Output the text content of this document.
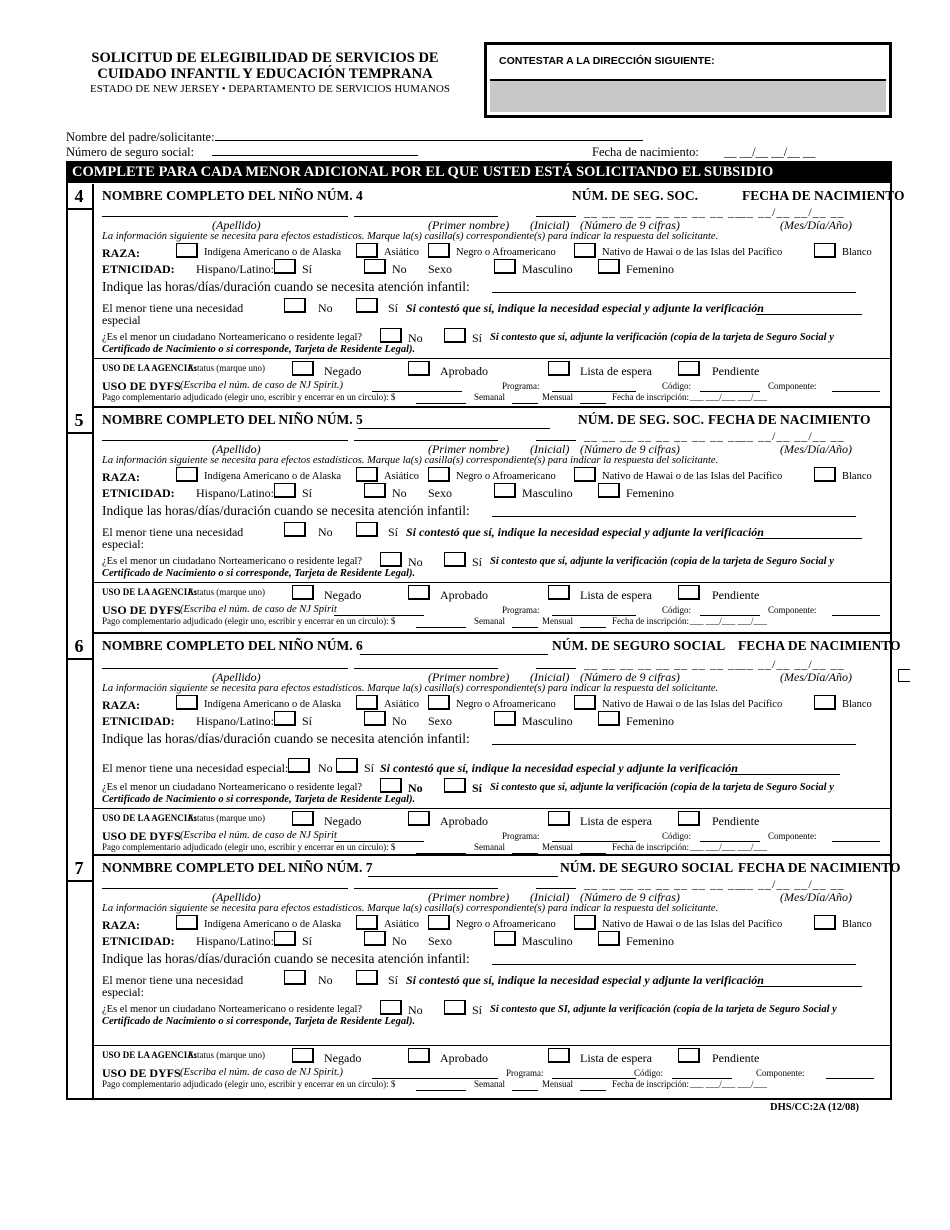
SOLICITUD DE ELEGIBILIDAD DE SERVICIOS DE
CUIDADO INFANTIL Y EDUCACIÓN TEMPRANA
ESTADO DE NEW JERSEY • DEPARTAMENTO DE SERVICIOS HUMANOS
CONTESTAR A LA DIRECCIÓN SIGUIENTE:
Nombre del padre/solicitante:
Número de seguro social:	Fecha de nacimiento: __ __/__ __/__ __
COMPLETE PARA CADA MENOR ADICIONAL POR EL QUE USTED ESTÁ SOLICITANDO EL SUBSIDIO
4	NOMBRE COMPLETO DEL NIÑO NÚM. 4	NÚM. DE SEG. SOC.	FECHA DE NACIMIENTO
__ __ __ __ __ __ __ __ __
__ __/__ __/__ __
(Apellido)	(Primer nombre) (Inicial) (Número de 9 cifras)	(Mes/Día/Año)
La información siguiente se necesita para efectos estadísticos. Marque la(s) casilla(s) correspondiente(s) para indicar la respuesta del solicitante.
RAZA:	Indígena Americano o de Alaska	Asiático	Negro o Afroamericano	Nativo de Hawai o de las Islas del Pacífico	Blanco
ETNICIDAD: Hispano/Latino: Sí	No Sexo	Masculino	Femenino
Indique las horas/días/duración cuando se necesita atención infantil:
El menor tiene una necesidad
especial
No	Sí Si contestó que sí, indique la necesidad especial y adjunte la verificación
¿Es el menor un ciudadano Norteamericano o residente legal?	No	Sí Si contesto que sí, adjunte la verificación (copia de la tarjeta de Seguro Social y
Certificado de Nacimiento o si corresponde, Tarjeta de Residente Legal).
USO DE LA AGENCIA:
Estatus (marque uno)	Negado	Aprobado	Lista de espera	Pendiente
USO DE DYFS (Escriba el núm. de caso de NJ Spirit.)	Programa:	Código:	Componente:
Pago complementario adjudicado (elegir uno, escribir y encerrar en un círculo): $	Semanal	Mensual	Fecha de inscripción: ___ ___/___ ___/___
5	NOMBRE COMPLETO DEL NIÑO NÚM. 5	NÚM. DE SEG. SOC. FECHA DE NACIMIENTO
__ __ __ __ __ __ __ __ __
__ __/__ __/__ __
(Apellido)	(Primer nombre) (Inicial) (Número de 9 cifras)	(Mes/Día/Año)
La información siguiente se necesita para efectos estadísticos. Marque la(s) casilla(s) correspondiente(s) para indicar la respuesta del solicitante.
RAZA:	Indígena Americano o de Alaska	Asiático	Negro o Afroamericano	Nativo de Hawai o de las Islas del Pacífico	Blanco
ETNICIDAD: Hispano/Latino: Sí	No Sexo	Masculino	Femenino
Indique las horas/días/duración cuando se necesita atención infantil:
El menor tiene una necesidad
especial:
No	Sí Si contestó que sí, indique la necesidad especial y adjunte la verificación
¿Es el menor un ciudadano Norteamericano o residente legal?	No	Sí Si contesto que sí, adjunte la verificación (copia de la tarjeta de Seguro Social y
Certificado de Nacimiento o si corresponde, Tarjeta de Residente Legal).
USO DE LA AGENCIA:
Estatus (marque uno)	Negado	Aprobado	Lista de espera	Pendiente
USO DE DYFS (Escriba el núm. de caso de NJ Spirit	Programa:	Código:	Componente:
Pago complementario adjudicado (elegir uno, escribir y encerrar en un círculo): $	Semanal	Mensual	Fecha de inscripción: ___ ___/___ ___/___
6	NOMBRE COMPLETO DEL NIÑO NÚM. 6	NÚM. DE SEGURO SOCIAL FECHA DE NACIMIENTO
__ __ __ __ __ __ __ __ __
__ __/__ __/__ __
(Apellido)	(Primer nombre) (Inicial) (Número de 9 cifras)	(Mes/Día/Año)
La información siguiente se necesita para efectos estadísticos. Marque la(s) casilla(s) correspondiente(s) para indicar la respuesta del solicitante.
RAZA:	Indígena Americano o de Alaska	Asiático	Negro o Afroamericano	Nativo de Hawai o de las Islas del Pacífico	Blanco
ETNICIDAD: Hispano/Latino: Sí	No Sexo	Masculino	Femenino
Indique las horas/días/duración cuando se necesita atención infantil:
El menor tiene una necesidad especial: No	Sí Si contestó que sí, indique la necesidad especial y adjunte la verificación
¿Es el menor un ciudadano Norteamericano o residente legal?	No	Sí Si contesto que sí, adjunte la verificación (copia de la tarjeta de Seguro Social y
Certificado de Nacimiento o si corresponde, Tarjeta de Residente Legal).
USO DE LA AGENCIA:
Estatus (marque uno)	Negado	Aprobado	Lista de espera	Pendiente
USO DE DYFS (Escriba el núm. de caso de NJ Spirit	Programa:	Código:	Componente:
Pago complementario adjudicado (elegir uno, escribir y encerrar en un círculo): $	Semanal	Mensual	Fecha de inscripción: ___ ___/___ ___/___
7	NONMBRE COMPLETO DEL NIÑO NÚM. 7	NÚM. DE SEGURO SOCIAL FECHA DE NACIMIENTO
__ __ __ __ __ __ __ __ __
__ __/__ __/__ __
(Apellido)	(Primer nombre) (Inicial) (Número de 9 cifras)	(Mes/Día/Año)
La información siguiente se necesita para efectos estadísticos. Marque la(s) casilla(s) correspondiente(s) para indicar la respuesta del solicitante.
RAZA:	Indígena Americano o de Alaska	Asiático	Negro o Afroamericano	Nativo de Hawai o de las Islas del Pacífico	Blanco
ETNICIDAD: Hispano/Latino: Sí	No Sexo	Masculino	Femenino
Indique las horas/días/duración cuando se necesita atención infantil:
El menor tiene una necesidad
especial:
No	Sí Si contestó que sí, indique la necesidad especial y adjunte la verificación
¿Es el menor un ciudadano Norteamericano o residente legal?	No	Sí Si contesto que SI, adjunte la verificación (copia de la tarjeta de Seguro Social y
Certificado de Nacimiento o si corresponde, Tarjeta de Residente Legal).
USO DE LA AGENCIA:
Estatus (marque uno)	Negado	Aprobado	Lista de espera	Pendiente
USO DE DYFS (Escriba el núm. de caso de NJ Spirit.)	Programa:	Código:	Componente:
Pago complementario adjudicado (elegir uno, escribir y encerrar en un círculo): $	Semanal	Mensual	Fecha de inscripción: ___ ___/___ ___/___
DHS/CC:2A (12/08)
